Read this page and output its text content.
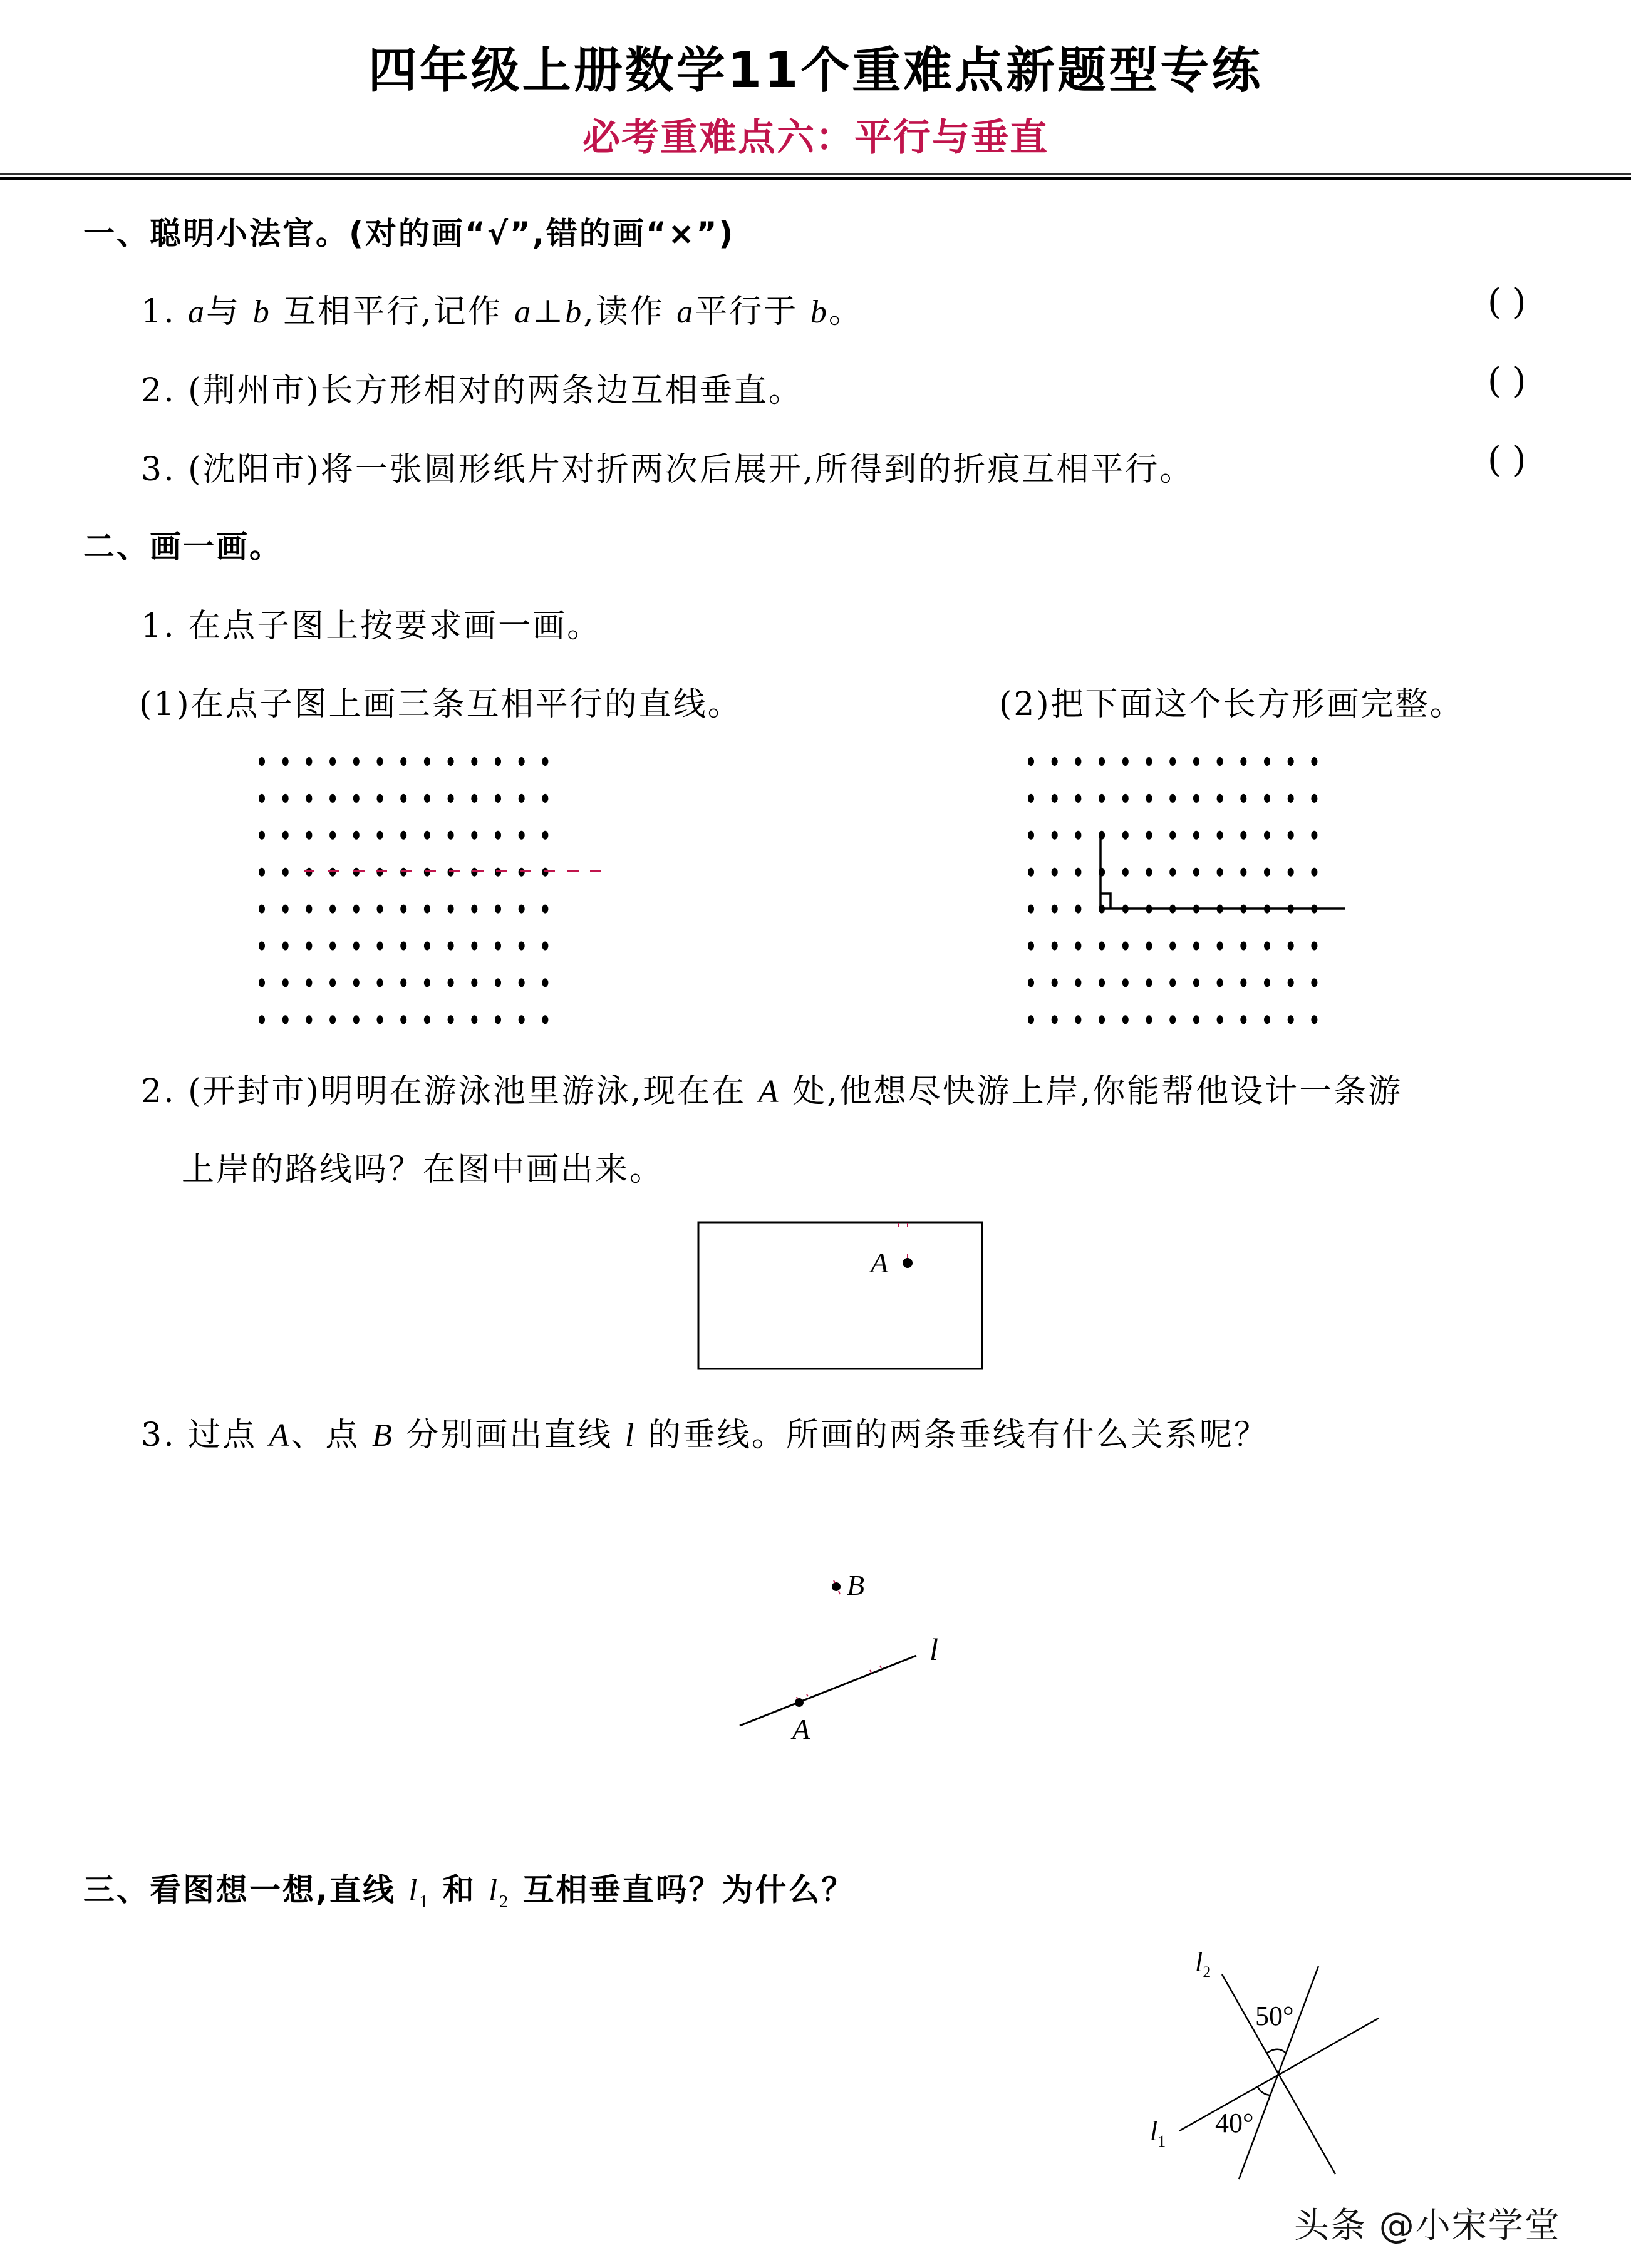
四年级上册数学11个重难点新题型专练
必考重难点六：平行与垂直
一、聪明小法官。(对的画“√”,错的画“×”)
1. a与 b 互相平行,记作 a⊥b,读作 a平行于 b。	( )
2. (荆州市)长方形相对的两条边互相垂直。	( )
3. (沈阳市)将一张圆形纸片对折两次后展开,所得到的折痕互相平行。	( )
二、画一画。
1. 在点子图上按要求画一画。
(1)在点子图上画三条互相平行的直线。	(2)把下面这个长方形画完整。
2. (开封市)明明在游泳池里游泳,现在在 A 处,他想尽快游上岸,你能帮他设计一条游
上岸的路线吗？在图中画出来。
A
3. 过点 A、点 B 分别画出直线 l 的垂线。所画的两条垂线有什么关系呢？
B
A
l
三、看图想一想,直线 $l_1$ 和 $l_2$ 互相垂直吗？为什么？
$l_2$
$l_1$
50°
40°
头条 @小宋学堂
